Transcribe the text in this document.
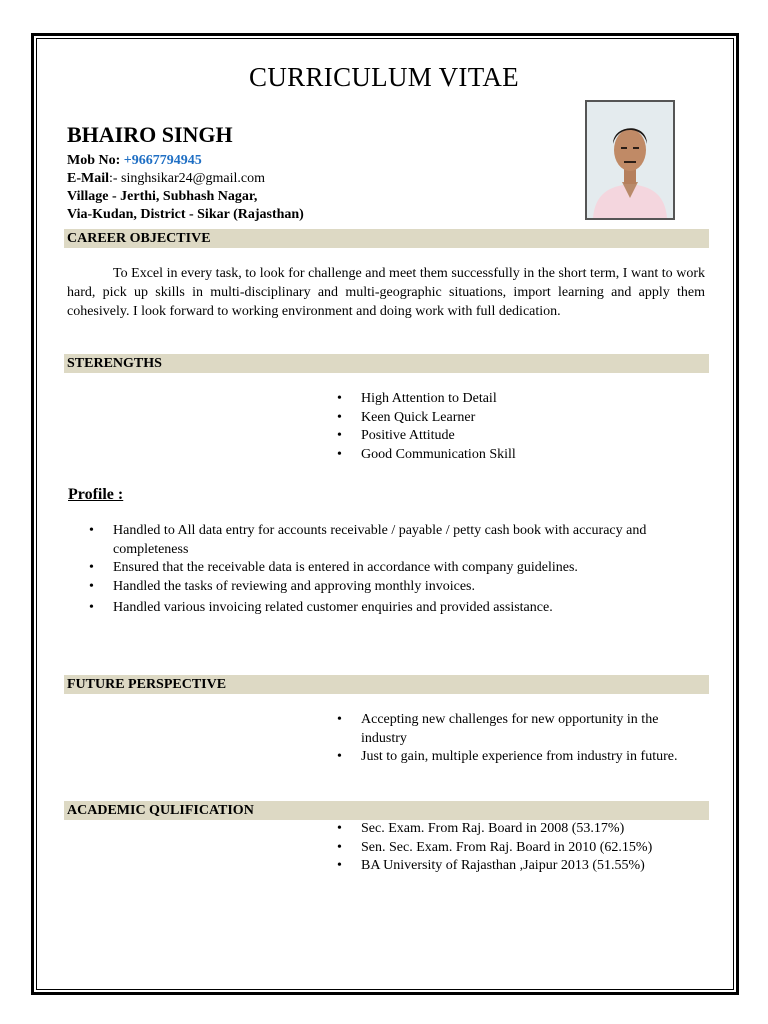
CURRICULUM VITAE
BHAIRO SINGH
Mob No: +9667794945
E-Mail:- singhsikar24@gmail.com
Village - Jerthi, Subhash Nagar,
Via-Kudan, District - Sikar (Rajasthan)
CAREER OBJECTIVE
To Excel in every task, to look for challenge and meet them successfully in the short term, I want to work hard, pick up skills in multi-disciplinary and multi-geographic situations, import learning and apply them cohesively. I look forward to working environment and doing work with full dedication.
STERENGTHS
• High Attention to Detail
• Keen Quick Learner
• Positive Attitude
• Good Communication Skill
Profile :
• Handled to All data entry for accounts receivable / payable / petty cash book with accuracy and completeness
• Ensured that the receivable data is entered in accordance with company guidelines.
• Handled the tasks of reviewing and approving monthly invoices.
• Handled various invoicing related customer enquiries and provided assistance.
FUTURE PERSPECTIVE
• Accepting new challenges for new opportunity in the industry
• Just to gain, multiple experience from industry in future.
ACADEMIC QULIFICATION
• Sec. Exam. From Raj. Board in 2008 (53.17%)
• Sen. Sec. Exam. From Raj. Board in 2010 (62.15%)
• BA University of Rajasthan ,Jaipur 2013 (51.55%)
